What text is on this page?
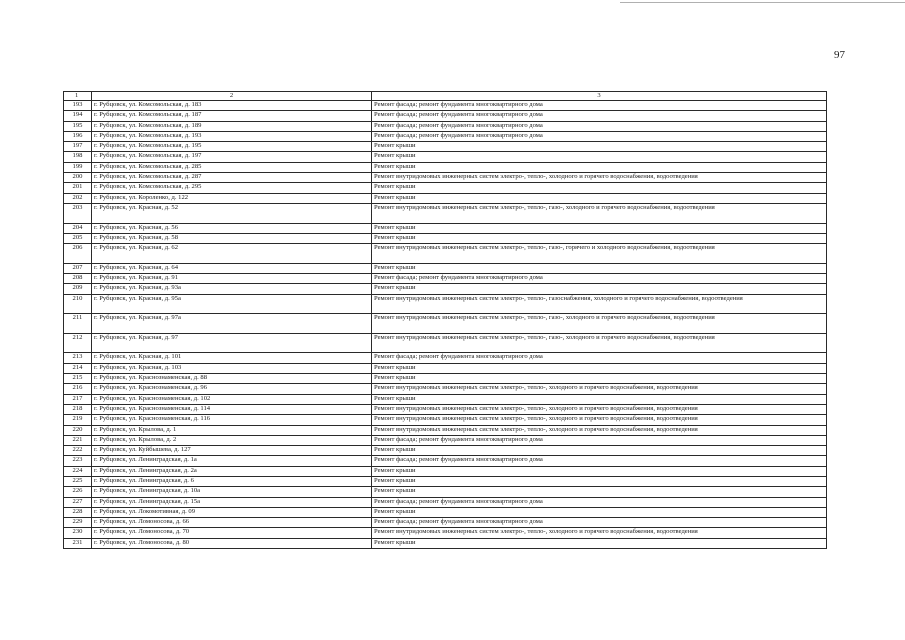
97
1	2	3
193	г. Рубцовск, ул. Комсомольская, д. 183	Ремонт фасада; ремонт фундамента многоквартирного дома
194	г. Рубцовск, ул. Комсомольская, д. 187	Ремонт фасада; ремонт фундамента многоквартирного дома
195	г. Рубцовск, ул. Комсомольская, д. 189	Ремонт фасада; ремонт фундамента многоквартирного дома
196	г. Рубцовск, ул. Комсомольская, д. 193	Ремонт фасада; ремонт фундамента многоквартирного дома
197	г. Рубцовск, ул. Комсомольская, д. 195	Ремонт крыши
198	г. Рубцовск, ул. Комсомольская, д. 197	Ремонт крыши
199	г. Рубцовск, ул. Комсомольская, д. 285	Ремонт крыши
200	г. Рубцовск, ул. Комсомольская, д. 287	Ремонт внутридомовых инженерных систем электро-, тепло-, холодного и горячего водоснабжения, водоотведения
201	г. Рубцовск, ул. Комсомольская, д. 295	Ремонт крыши
202	г. Рубцовск, ул. Короленко, д. 122	Ремонт крыши
203	г. Рубцовск, ул. Красная, д. 52	Ремонт внутридомовых инженерных систем электро-, тепло-, газо-, холодного и горячего водоснабжения, водоотведения
204	г. Рубцовск, ул. Красная, д. 56	Ремонт крыши
205	г. Рубцовск, ул. Красная, д. 58	Ремонт крыши
206	г. Рубцовск, ул. Красная, д. 62	Ремонт внутридомовых инженерных систем электро-, тепло-, газо-, горячего и холодного водоснабжения, водоотведения
207	г. Рубцовск, ул. Красная, д. 64	Ремонт крыши
208	г. Рубцовск, ул. Красная, д. 91	Ремонт фасада; ремонт фундамента многоквартирного дома
209	г. Рубцовск, ул. Красная, д. 93а	Ремонт крыши
210	г. Рубцовск, ул. Красная, д. 95а	Ремонт внутридомовых инженерных систем электро-, тепло-, газоснабжения, холодного и горячего водоснабжения, водоотведения
211	г. Рубцовск, ул. Красная, д. 97а	Ремонт внутридомовых инженерных систем электро-, тепло-, газо-, холодного и горячего водоснабжения, водоотведения
212	г. Рубцовск, ул. Красная, д. 97	Ремонт внутридомовых инженерных систем электро-, тепло-, газо-, холодного и горячего водоснабжения, водоотведения
213	г. Рубцовск, ул. Красная, д. 101	Ремонт фасада; ремонт фундамента многоквартирного дома
214	г. Рубцовск, ул. Красная, д. 103	Ремонт крыши
215	г. Рубцовск, ул. Краснознаменская, д. 88	Ремонт крыши
216	г. Рубцовск, ул. Краснознаменская, д. 96	Ремонт внутридомовых инженерных систем электро-, тепло-, холодного и горячего водоснабжения, водоотведения
217	г. Рубцовск, ул. Краснознаменская, д. 102	Ремонт крыши
218	г. Рубцовск, ул. Краснознаменская, д. 114	Ремонт внутридомовых инженерных систем электро-, тепло-, холодного и горячего водоснабжения, водоотведения
219	г. Рубцовск, ул. Краснознаменская, д. 116	Ремонт внутридомовых инженерных систем электро-, тепло-, холодного и горячего водоснабжения, водоотведения
220	г. Рубцовск, ул. Крылова, д. 1	Ремонт внутридомовых инженерных систем электро-, тепло-, холодного и горячего водоснабжения, водоотведения
221	г. Рубцовск, ул. Крылова, д. 2	Ремонт фасада; ремонт фундамента многоквартирного дома
222	г. Рубцовск, ул. Куйбышева, д. 127	Ремонт крыши
223	г. Рубцовск, ул. Ленинградская, д. 1а	Ремонт фасада; ремонт фундамента многоквартирного дома
224	г. Рубцовск, ул. Ленинградская, д. 2а	Ремонт крыши
225	г. Рубцовск, ул. Ленинградская, д. 6	Ремонт крыши
226	г. Рубцовск, ул. Ленинградская, д. 10а	Ремонт крыши
227	г. Рубцовск, ул. Ленинградская, д. 15а	Ремонт фасада; ремонт фундамента многоквартирного дома
228	г. Рубцовск, ул. Локомотивная, д. 09	Ремонт крыши
229	г. Рубцовск, ул. Ломоносова, д. 66	Ремонт фасада; ремонт фундамента многоквартирного дома
230	г. Рубцовск, ул. Ломоносова, д. 70	Ремонт внутридомовых инженерных систем электро-, тепло-, холодного и горячего водоснабжения, водоотведения
231	г. Рубцовск, ул. Ломоносова, д. 80	Ремонт крыши
